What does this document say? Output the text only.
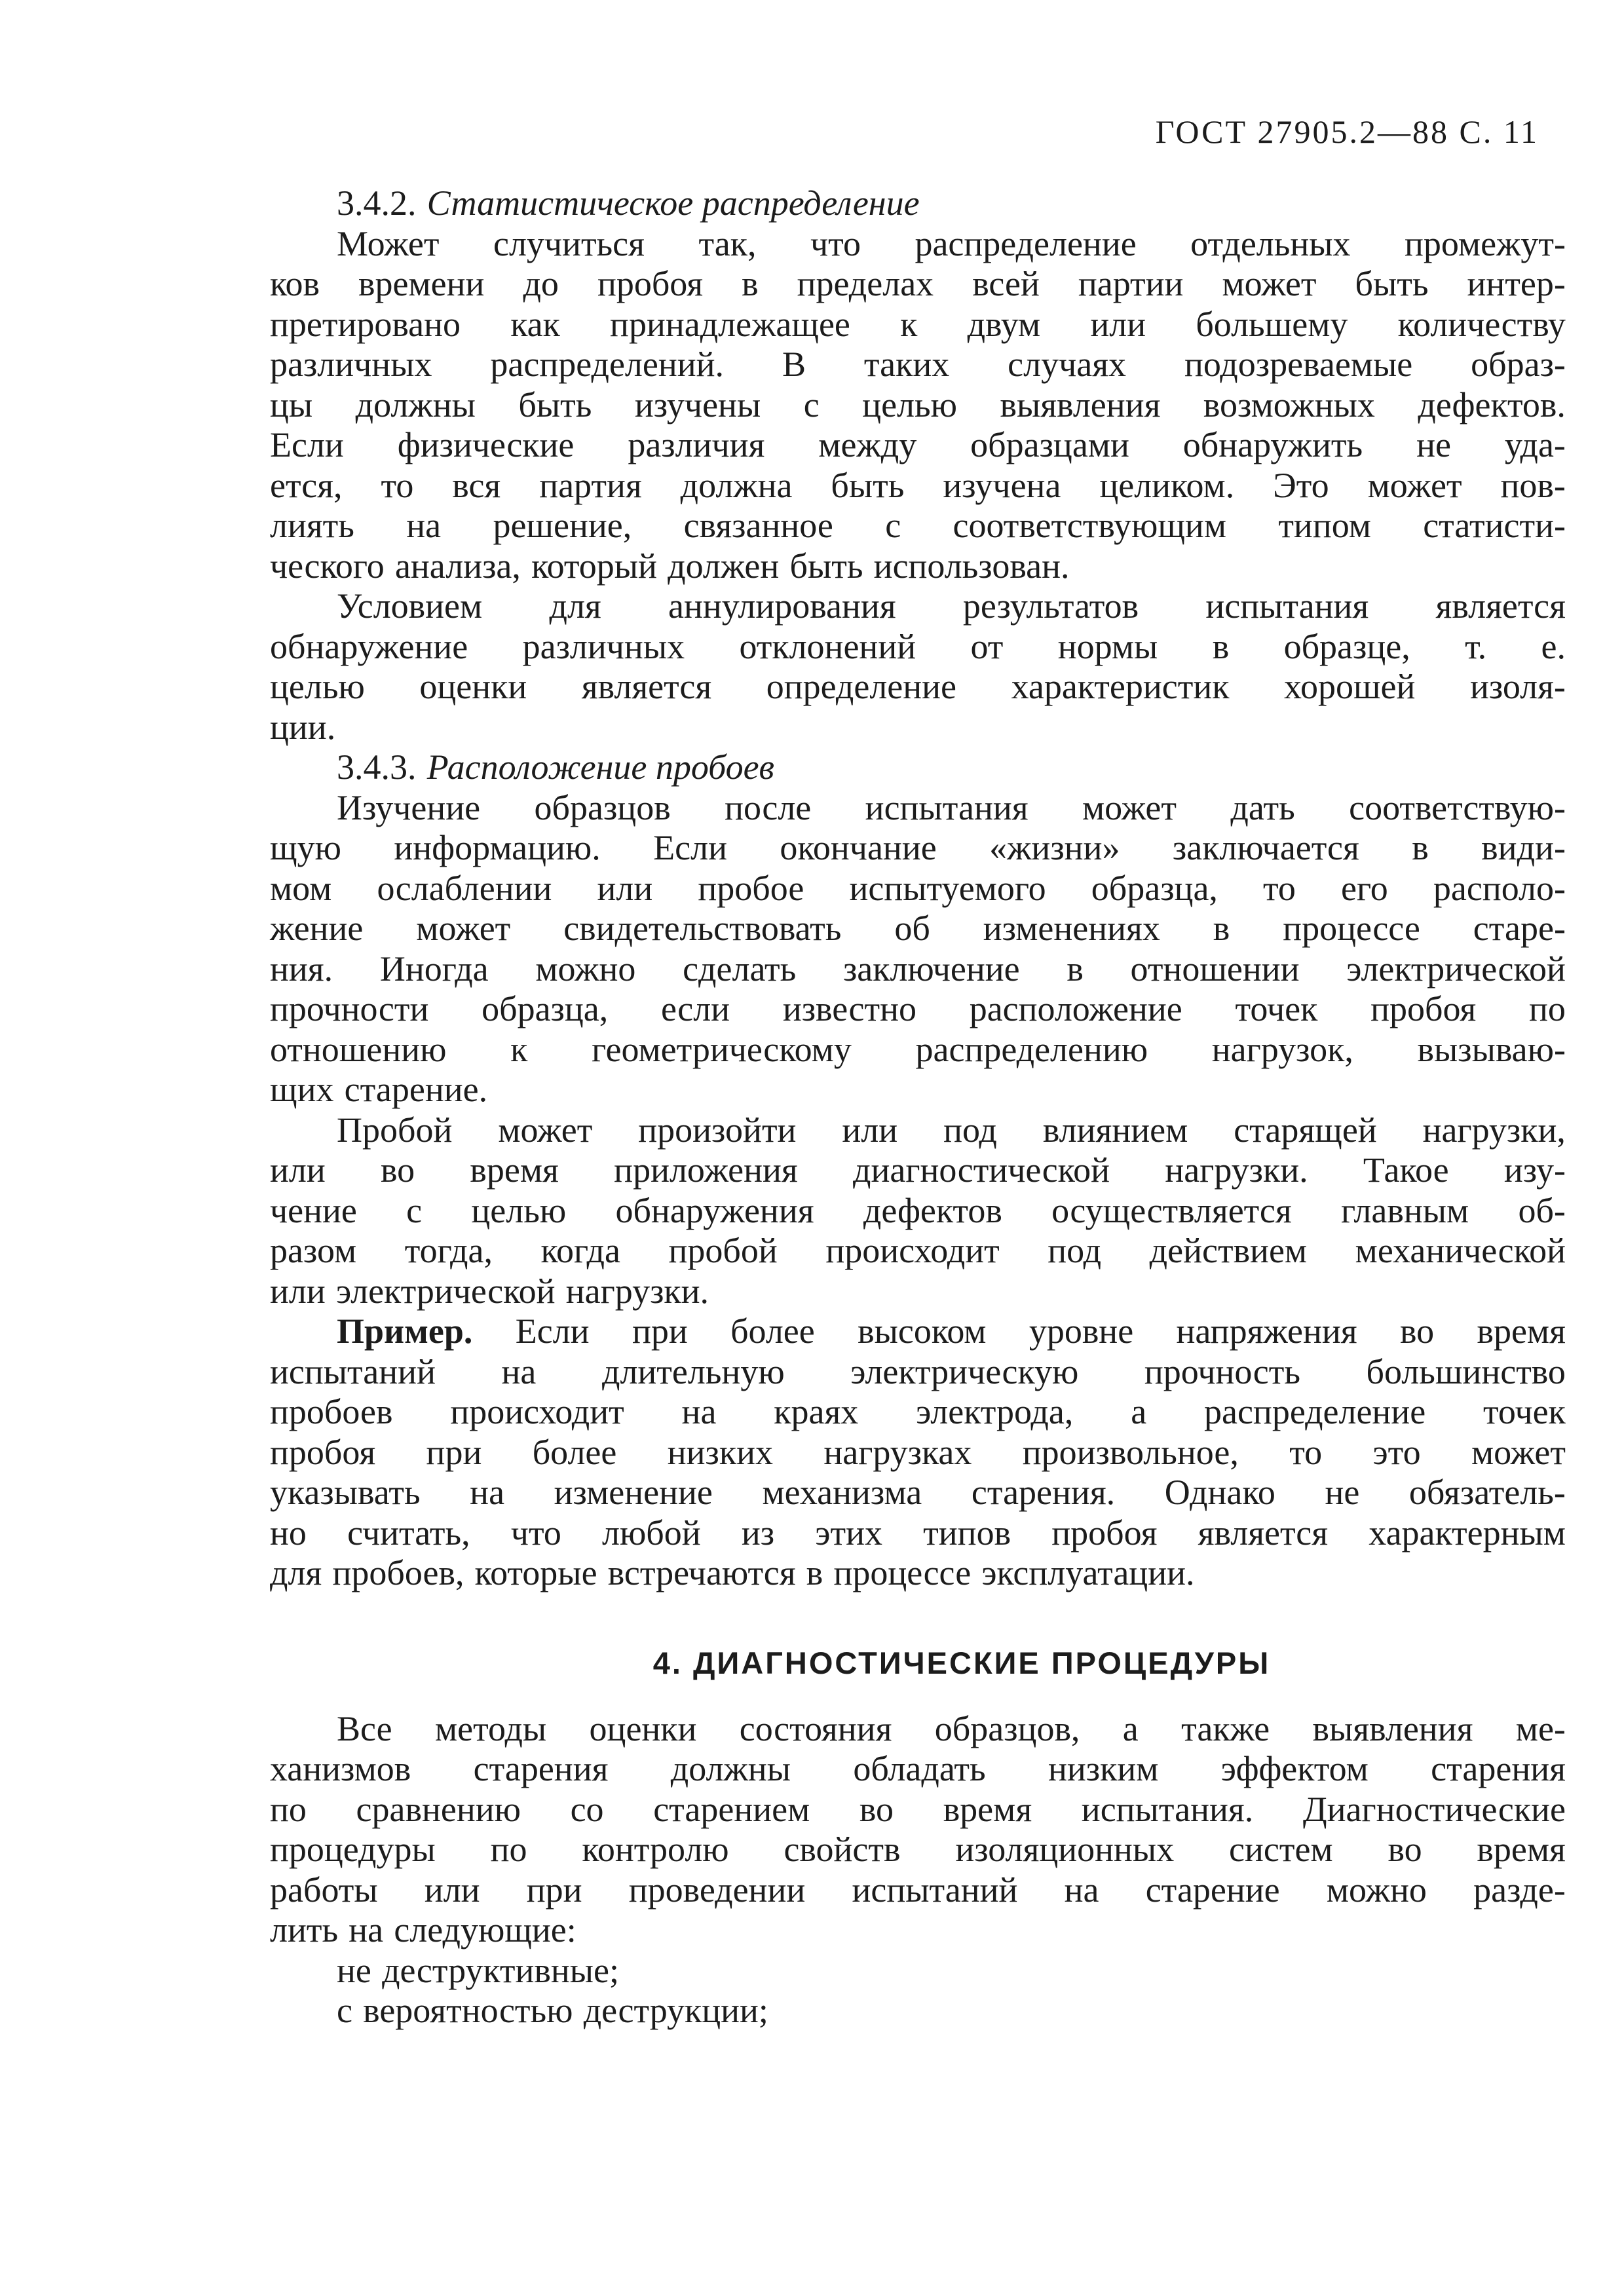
ГОСТ 27905.2—88 С. 11
3.4.2. Статистическое распределение
Может случиться так, что распределение отдельных промежут-
ков времени до пробоя в пределах всей партии может быть интер-
претировано как принадлежащее к двум или большему количеству
различных распределений. В таких случаях подозреваемые образ-
цы должны быть изучены с целью выявления возможных дефектов.
Если физические различия между образцами обнаружить не уда-
ется, то вся партия должна быть изучена целиком. Это может пов-
лиять на решение, связанное с соответствующим типом статисти-
ческого анализа, который должен быть использован.
Условием для аннулирования результатов испытания является
обнаружение различных отклонений от нормы в образце, т. е.
целью оценки является определение характеристик хорошей изоля-
ции.
3.4.3. Расположение пробоев
Изучение образцов после испытания может дать соответствую-
щую информацию. Если окончание «жизни» заключается в види-
мом ослаблении или пробое испытуемого образца, то его располо-
жение может свидетельствовать об изменениях в процессе старе-
ния. Иногда можно сделать заключение в отношении электрической
прочности образца, если известно расположение точек пробоя по
отношению к геометрическому распределению нагрузок, вызываю-
щих старение.
Пробой может произойти или под влиянием старящей нагрузки,
или во время приложения диагностической нагрузки. Такое изу-
чение с целью обнаружения дефектов осуществляется главным об-
разом тогда, когда пробой происходит под действием механической
или электрической нагрузки.
Пример. Если при более высоком уровне напряжения во время
испытаний на длительную электрическую прочность большинство
пробоев происходит на краях электрода, а распределение точек
пробоя при более низких нагрузках произвольное, то это может
указывать на изменение механизма старения. Однако не обязатель-
но считать, что любой из этих типов пробоя является характерным
для пробоев, которые встречаются в процессе эксплуатации.
4. ДИАГНОСТИЧЕСКИЕ ПРОЦЕДУРЫ
Все методы оценки состояния образцов, а также выявления ме-
ханизмов старения должны обладать низким эффектом старения
по сравнению со старением во время испытания. Диагностические
процедуры по контролю свойств изоляционных систем во время
работы или при проведении испытаний на старение можно разде-
лить на следующие:
не деструктивные;
с вероятностью деструкции;
